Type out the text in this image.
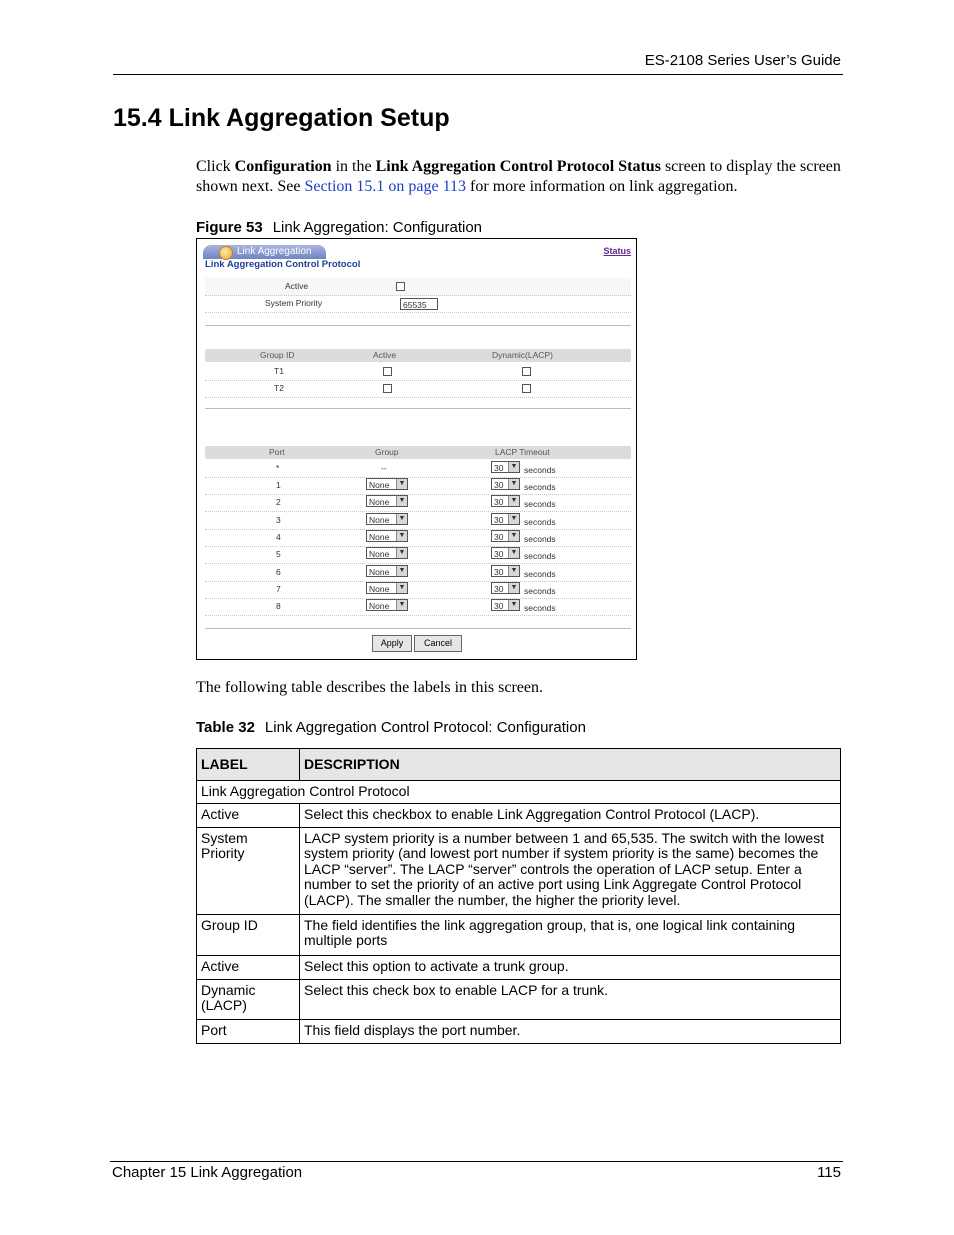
ES-2108 Series User’s Guide
15.4 Link Aggregation Setup
Click Configuration in the Link Aggregation Control Protocol Status screen to display the screen shown next. See Section 15.1 on page 113 for more information on link aggregation.
Figure 53 Link Aggregation: Configuration
Link Aggregation
Link Aggregation Control Protocol
Status
Active
System Priority	65535
Group ID	Active	Dynamic(LACP)
T1
T2
Port	Group	LACP Timeout
*	--	30	▼ seconds
Apply	Cancel
1	None	▼	30	▼ seconds
2	None	▼	30	▼ seconds
3	None	▼	30	▼ seconds
4	None	▼	30	▼ seconds
5	None	▼	30	▼ seconds
6	None	▼	30	▼ seconds
7	None	▼	30	▼ seconds
8	None	▼	30	▼ seconds
The following table describes the labels in this screen.
Table 32 Link Aggregation Control Protocol: Configuration
LABEL	DESCRIPTION
Link Aggregation Control Protocol	
Active	Select this checkbox to enable Link Aggregation Control Protocol (LACP).
System Priority	LACP system priority is a number between 1 and 65,535. The switch with the lowest system priority (and lowest port number if system priority is the same) becomes the LACP “server”. The LACP “server” controls the operation of LACP setup. Enter a number to set the priority of an active port using Link Aggregate Control Protocol (LACP). The smaller the number, the higher the priority level.
Group ID	The field identifies the link aggregation group, that is, one logical link containing multiple ports
Active	Select this option to activate a trunk group.
Dynamic (LACP)	Select this check box to enable LACP for a trunk.
Port	This field displays the port number.
Chapter 15 Link Aggregation	115
